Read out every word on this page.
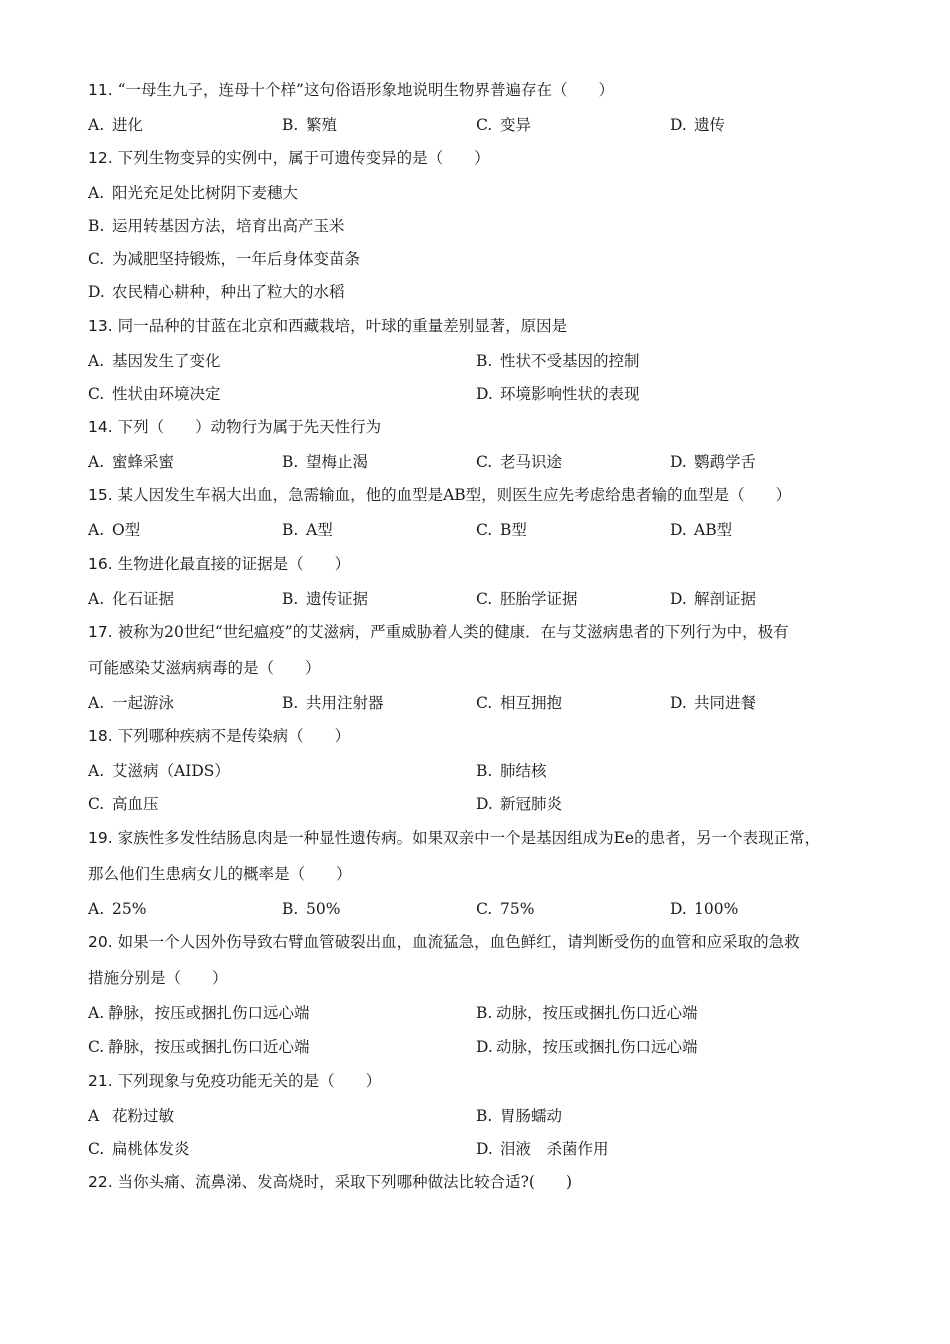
11. “一母生九子，连母十个样”这句俗语形象地说明生物界普遍存在（　　）
A. 进化	B. 繁殖	C. 变异	D. 遗传
12. 下列生物变异的实例中，属于可遗传变异的是（　　）
A. 阳光充足处比树阴下麦穗大
B. 运用转基因方法，培育出高产玉米
C. 为减肥坚持锻炼，一年后身体变苗条
D. 农民精心耕种，种出了粒大的水稻
13. 同一品种的甘蓝在北京和西藏栽培，叶球的重量差别显著，原因是
A. 基因发生了变化	B. 性状不受基因的控制
C. 性状由环境决定	D. 环境影响性状的表现
14. 下列（　　）动物行为属于先天性行为
A. 蜜蜂采蜜	B. 望梅止渴	C. 老马识途	D. 鹦鹉学舌
15. 某人因发生车祸大出血，急需输血，他的血型是AB型，则医生应先考虑给患者输的血型是（　　）
A. O型	B. A型	C. B型	D. AB型
16. 生物进化最直接的证据是（　　）
A. 化石证据	B. 遗传证据	C. 胚胎学证据	D. 解剖证据
17. 被称为20世纪“世纪瘟疫”的艾滋病，严重威胁着人类的健康．在与艾滋病患者的下列行为中，极有
可能感染艾滋病病毒的是（　　）
A. 一起游泳	B. 共用注射器	C. 相互拥抱	D. 共同进餐
18. 下列哪种疾病不是传染病（　　）
A. 艾滋病（AIDS）	B. 肺结核
C. 高血压	D. 新冠肺炎
19. 家族性多发性结肠息肉是一种显性遗传病。如果双亲中一个是基因组成为Ee的患者，另一个表现正常，
那么他们生患病女儿的概率是（　　）
A. 25%	B. 50%	C. 75%	D. 100%
20. 如果一个人因外伤导致右臂血管破裂出血，血流猛急，血色鲜红，请判断受伤的血管和应采取的急救
措施分别是（　　）
A. 静脉，按压或捆扎伤口远心端	B. 动脉，按压或捆扎伤口近心端
C. 静脉，按压或捆扎伤口近心端	D. 动脉，按压或捆扎伤口远心端
21. 下列现象与免疫功能无关的是（　　）
A 花粉过敏	B. 胃肠蠕动
C. 扁桃体发炎	D. 泪液　杀菌作用
22. 当你头痛、流鼻涕、发高烧时，采取下列哪种做法比较合适?(　　)
